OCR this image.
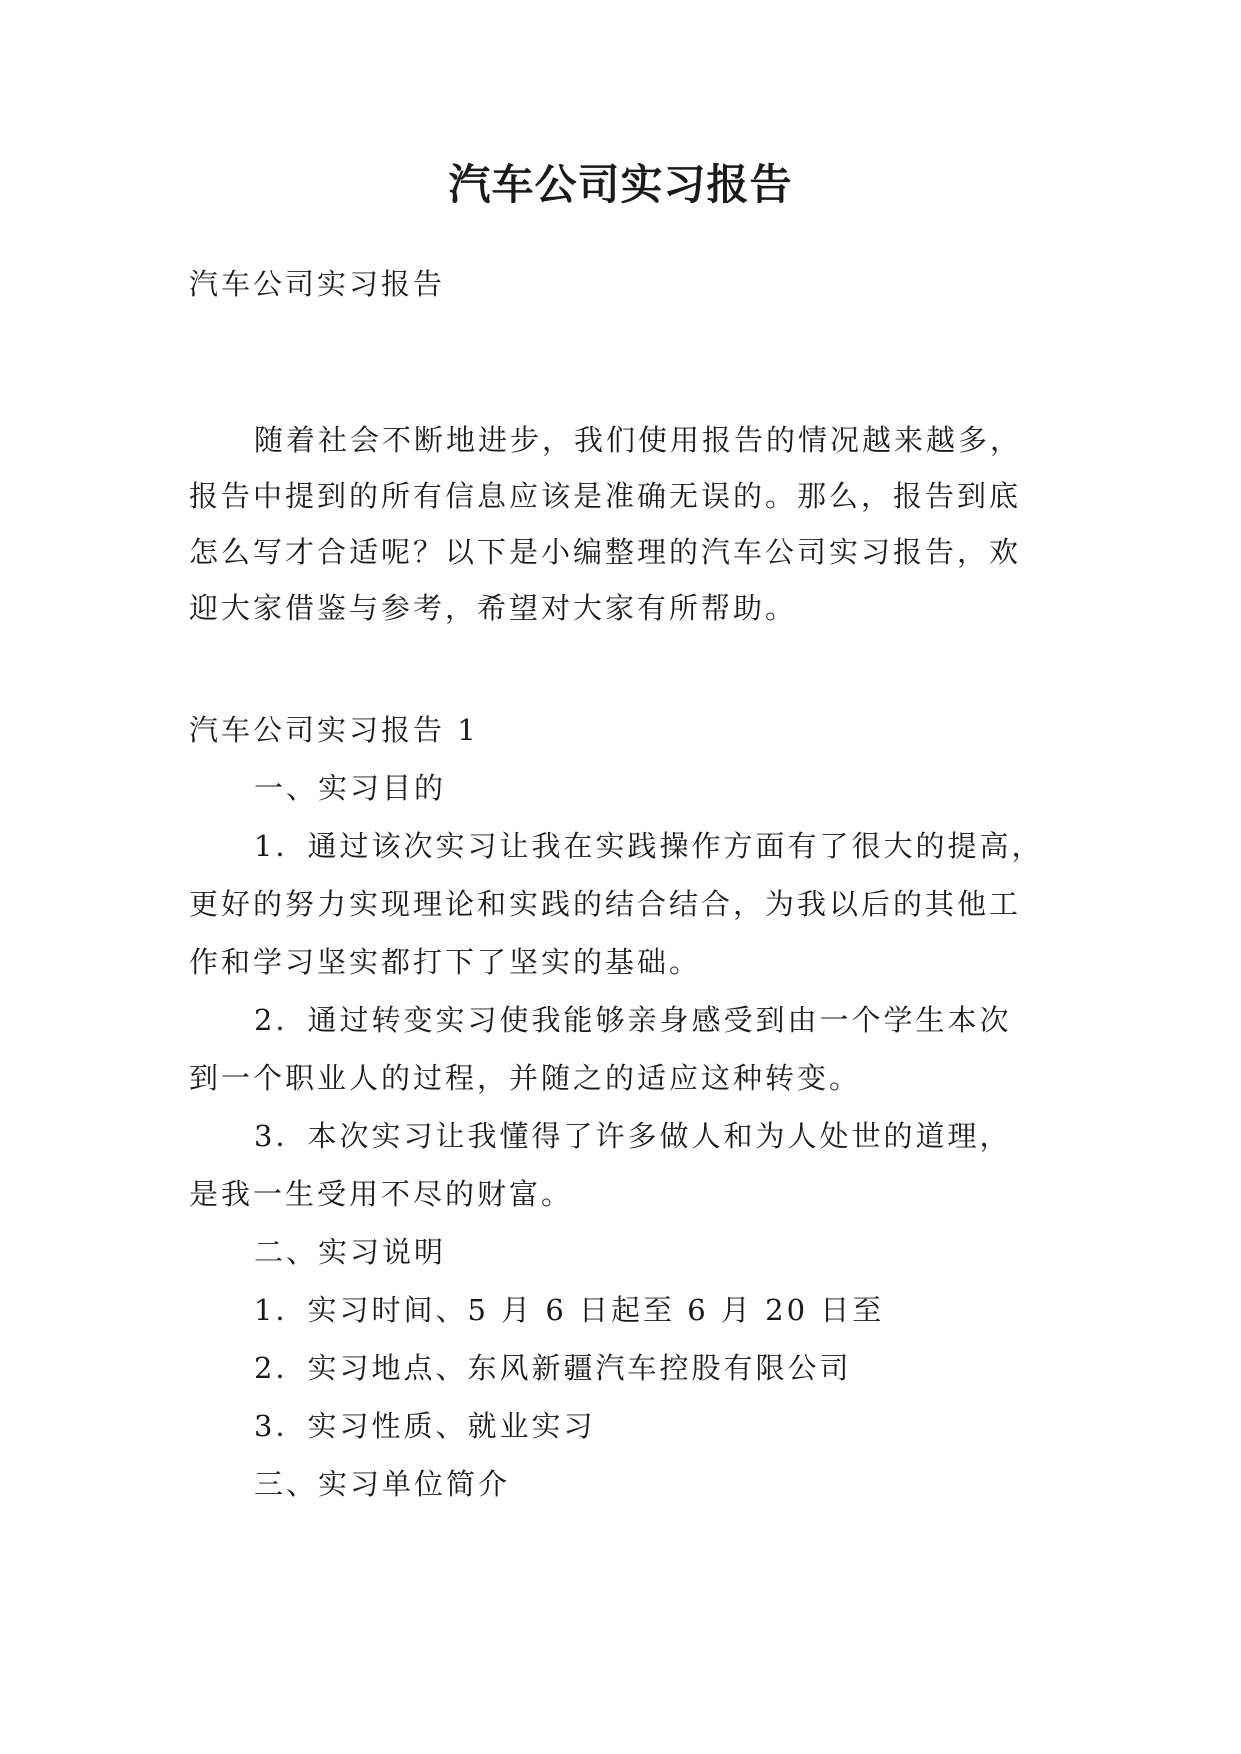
汽车公司实习报告

汽车公司实习报告

随着社会不断地进步，我们使用报告的情况越来越多，

报告中提到的所有信息应该是准确无误的。那么，报告到底

怎么写才合适呢？以下是小编整理的汽车公司实习报告，欢

迎大家借鉴与参考，希望对大家有所帮助。

汽车公司实习报告 1

一、实习目的

1．通过该次实习让我在实践操作方面有了很大的提高，

更好的努力实现理论和实践的结合结合，为我以后的其他工

作和学习坚实都打下了坚实的基础。

2．通过转变实习使我能够亲身感受到由一个学生本次

到一个职业人的过程，并随之的适应这种转变。

3．本次实习让我懂得了许多做人和为人处世的道理，

是我一生受用不尽的财富。

二、实习说明

1．实习时间、5 月 6 日起至 6 月 20 日至

2．实习地点、东风新疆汽车控股有限公司

3．实习性质、就业实习

三、实习单位简介
